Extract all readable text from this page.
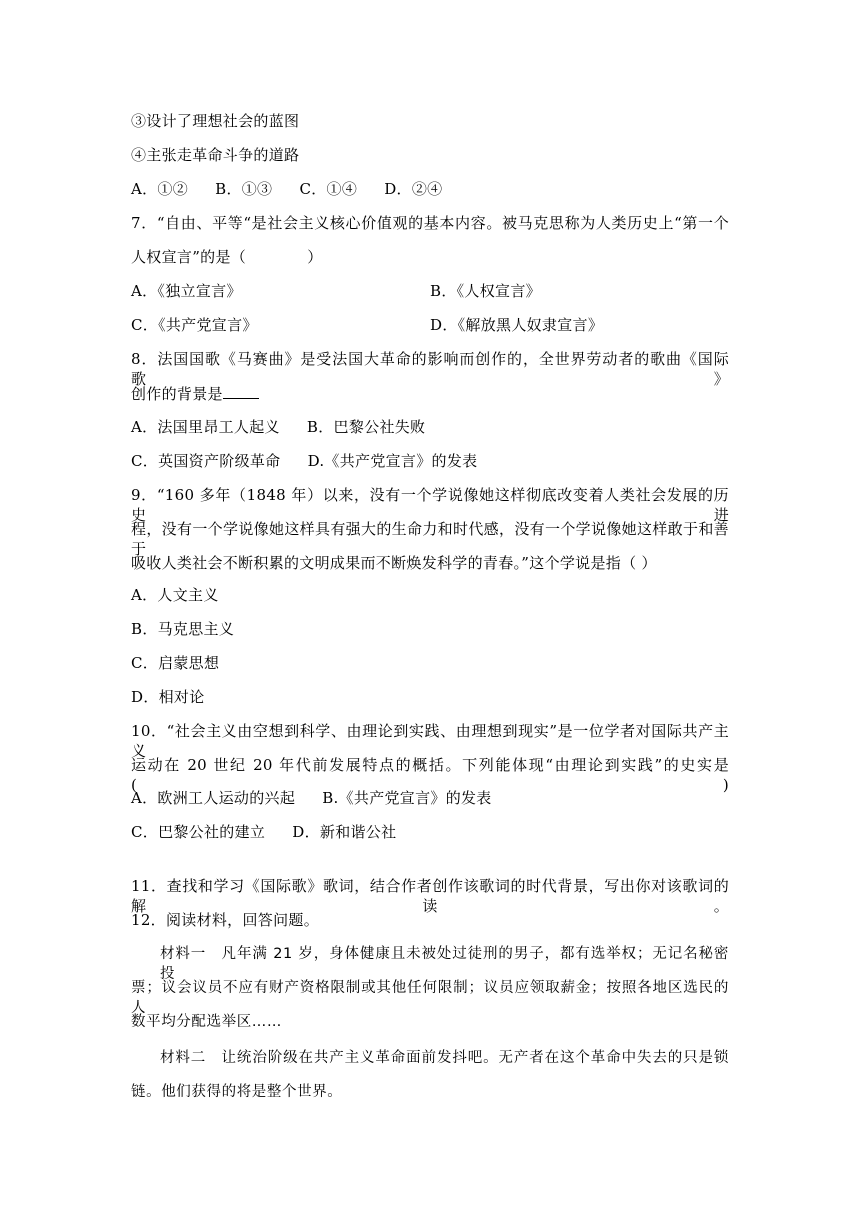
③设计了理想社会的蓝图
④主张走革命斗争的道路
A．①② B．①③ C．①④ D．②④
7．“自由、平等“是社会主义核心价值观的基本内容。被马克思称为人类历史上“第一个
人权宣言”的是（　　　　）
A．《独立宣言》	B．《人权宣言》
C．《共产党宣言》	D．《解放黑人奴隶宣言》
8．法国国歌《马赛曲》是受法国大革命的影响而创作的，全世界劳动者的歌曲《国际歌》
创作的背景是
A．法国里昂工人起义 B．巴黎公社失败
C．英国资产阶级革命 D.《共产党宣言》的发表
9．“160 多年（1848 年）以来，没有一个学说像她这样彻底改变着人类社会发展的历史进
程，没有一个学说像她这样具有强大的生命力和时代感，没有一个学说像她这样敢于和善于
吸收人类社会不断积累的文明成果而不断焕发科学的青春。”这个学说是指（ ）
A．人文主义
B．马克思主义
C．启蒙思想
D．相对论
10．“社会主义由空想到科学、由理论到实践、由理想到现实”是一位学者对国际共产主义
运动在 20 世纪 20 年代前发展特点的概括。下列能体现“由理论到实践”的史实是(　　　)
A．欧洲工人运动的兴起 B.《共产党宣言》的发表
C．巴黎公社的建立 D．新和谐公社
11．查找和学习《国际歌》歌词，结合作者创作该歌词的时代背景，写出你对该歌词的解读。
12．阅读材料，回答问题。
材料一　凡年满 21 岁，身体健康且未被处过徒刑的男子，都有选举权；无记名秘密投
票；议会议员不应有财产资格限制或其他任何限制；议员应领取薪金；按照各地区选民的人
数平均分配选举区……
材料二　让统治阶级在共产主义革命面前发抖吧。无产者在这个革命中失去的只是锁
链。他们获得的将是整个世界。
